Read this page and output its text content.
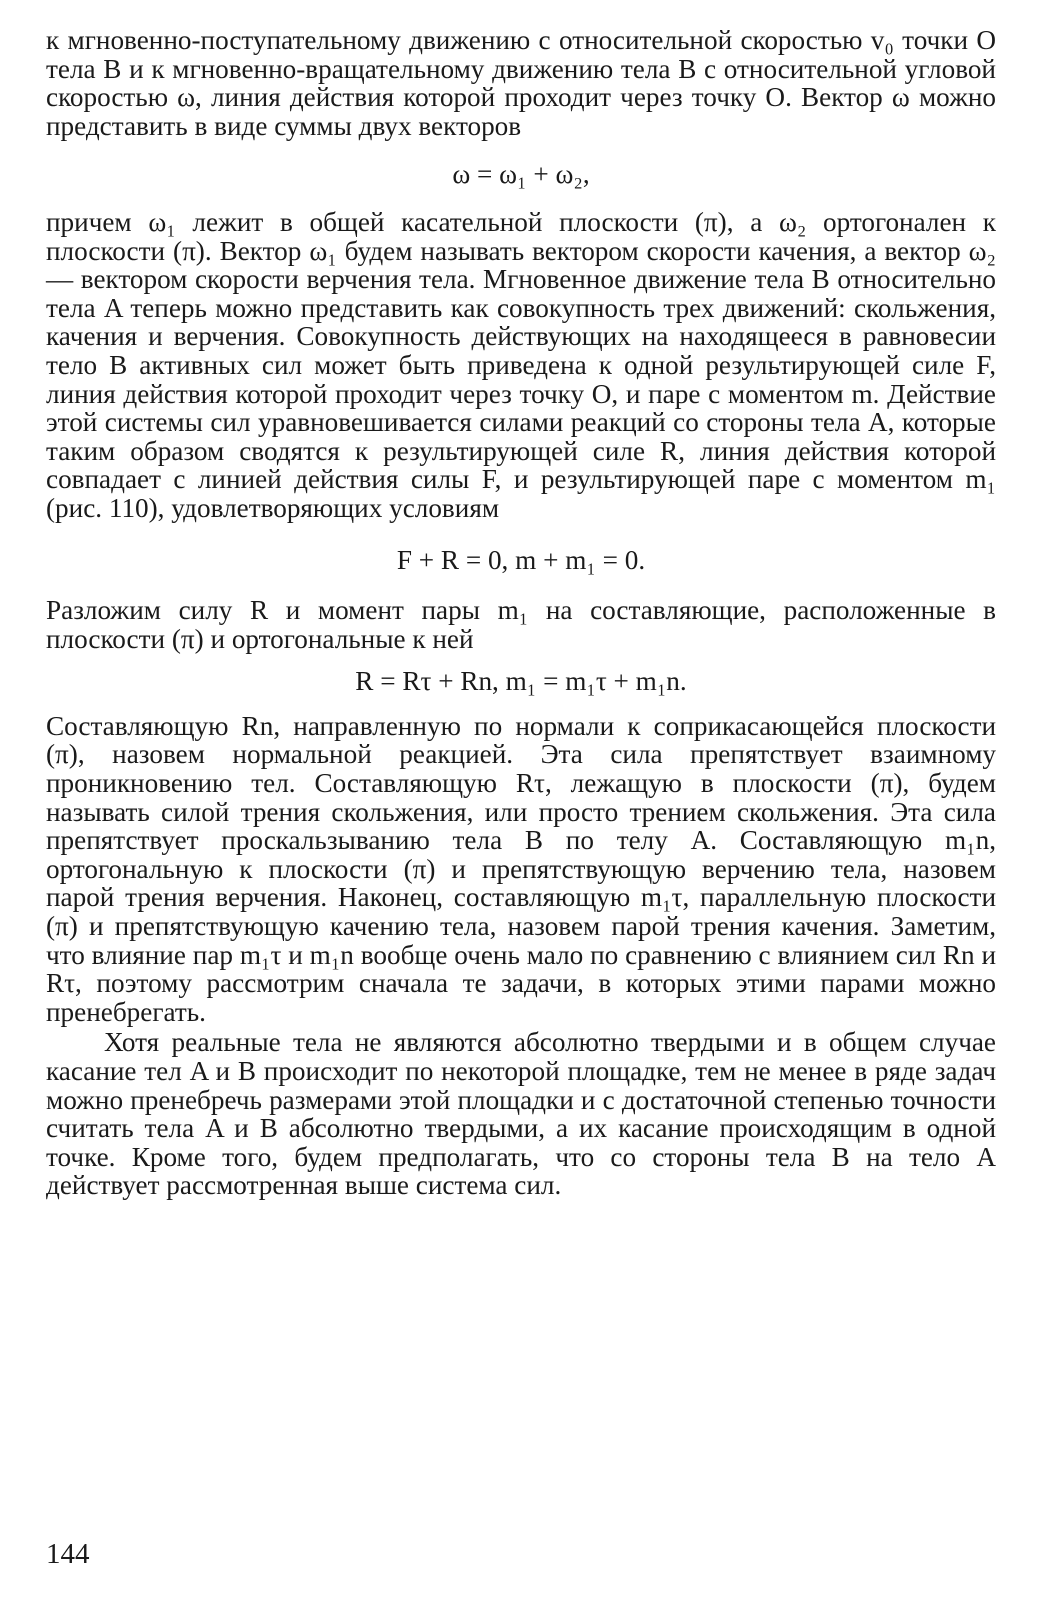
к мгновенно-поступательному движению с относительной скоростью v₀ точки O тела B и к мгновенно-вращательному движению тела B с относительной угловой скоростью ω, линия действия которой проходит через точку O. Вектор ω можно представить в виде суммы двух векторов

ω = ω₁ + ω₂,

причем ω₁ лежит в общей касательной плоскости (π), а ω₂ ортогонален к плоскости (π). Вектор ω₁ будем называть вектором скорости качения, а вектор ω₂ — вектором скорости верчения тела. Мгновенное движение тела B относительно тела A теперь можно представить как совокупность трех движений: скольжения, качения и верчения. Совокупность действующих на находящееся в равновесии тело B активных сил может быть приведена к одной результирующей силе F, линия действия которой проходит через точку O, и паре с моментом m. Действие этой системы сил уравновешивается силами реакций со стороны тела A, которые таким образом сводятся к результирующей силе R, линия действия которой совпадает с линией действия силы F, и результирующей паре с моментом m₁ (рис. 110), удовлетворяющих условиям

F + R = 0, m + m₁ = 0.

Разложим силу R и момент пары m₁ на составляющие, расположенные в плоскости (π) и ортогональные к ней

R = Rτ + Rn, m₁ = m₁τ + m₁n.

Составляющую Rn, направленную по нормали к соприкасающейся плоскости (π), назовем нормальной реакцией. Эта сила препятствует взаимному проникновению тел. Составляющую Rτ, лежащую в плоскости (π), будем называть силой трения скольжения, или просто трением скольжения. Эта сила препятствует проскальзыванию тела B по телу A. Составляющую m₁n, ортогональную к плоскости (π) и препятствующую верчению тела, назовем парой трения верчения. Наконец, составляющую m₁τ, параллельную плоскости (π) и препятствующую качению тела, назовем парой трения качения. Заметим, что влияние пар m₁τ и m₁n вообще очень мало по сравнению с влиянием сил Rn и Rτ, поэтому рассмотрим сначала те задачи, в которых этими парами можно пренебрегать.

Хотя реальные тела не являются абсолютно твердыми и в общем случае касание тел A и B происходит по некоторой площадке, тем не менее в ряде задач можно пренебречь размерами этой площадки и с достаточной степенью точности считать тела A и B абсолютно твердыми, а их касание происходящим в одной точке. Кроме того, будем предполагать, что со стороны тела B на тело A действует рассмотренная выше система сил.

144
